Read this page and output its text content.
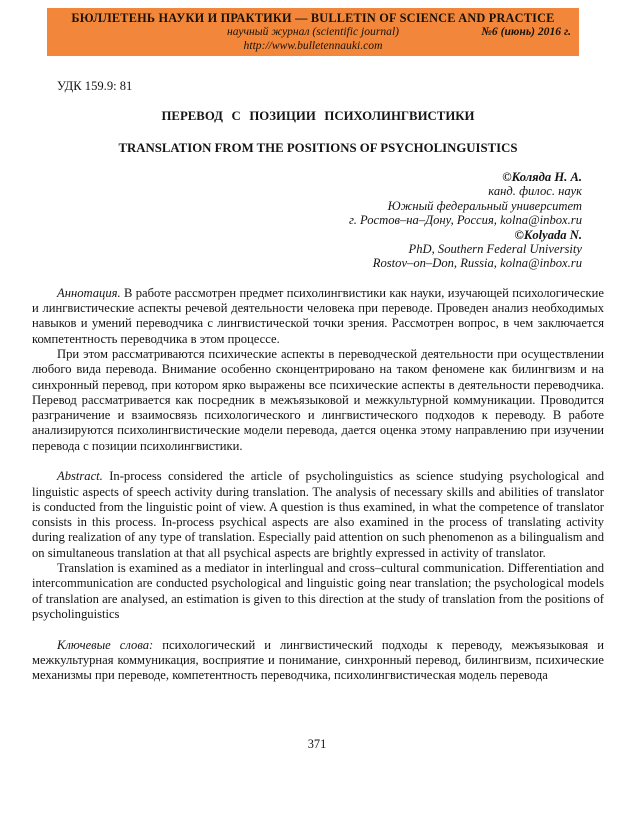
БЮЛЛЕТЕНЬ НАУКИ И ПРАКТИКИ — BULLETIN OF SCIENCE AND PRACTICE
научный журнал (scientific journal)	№6 (июнь) 2016 г.
http://www.bulletennauki.com

УДК 159.9: 81

ПЕРЕВОД С ПОЗИЦИИ ПСИХОЛИНГВИСТИКИ

TRANSLATION FROM THE POSITIONS OF PSYCHOLINGUISTICS

©Коляда Н. А.
канд. филос. наук
Южный федеральный университет
г. Ростов–на–Дону, Россия, kolna@inbox.ru
©Kolyada N.
PhD, Southern Federal University
Rostov–on–Don, Russia, kolna@inbox.ru

Аннотация. В работе рассмотрен предмет психолингвистики как науки, изучающей психологические и лингвистические аспекты речевой деятельности человека при переводе. Проведен анализ необходимых навыков и умений переводчика с лингвистической точки зрения. Рассмотрен вопрос, в чем заключается компетентность переводчика в этом процессе.

При этом рассматриваются психические аспекты в переводческой деятельности при осуществлении любого вида перевода. Внимание особенно сконцентрировано на таком феномене как билингвизм и на синхронный перевод, при котором ярко выражены все психические аспекты в деятельности переводчика. Перевод рассматривается как посредник в межъязыковой и межкультурной коммуникации. Проводится разграничение и взаимосвязь психологического и лингвистического подходов к переводу. В работе анализируются психолингвистические модели перевода, дается оценка этому направлению при изучении перевода с позиции психолингвистики.

Abstract. In-process considered the article of psycholinguistics as science studying psychological and linguistic aspects of speech activity during translation. The analysis of necessary skills and abilities of translator is conducted from the linguistic point of view. A question is thus examined, in what the competence of translator consists in this process. In-process psychical aspects are also examined in the process of translating activity during realization of any type of translation. Especially paid attention on such phenomenon as a bilingualism and on simultaneous translation at that all psychical aspects are brightly expressed in activity of translator.

Translation is examined as a mediator in interlingual and cross–cultural communication. Differentiation and intercommunication are conducted psychological and linguistic going near translation; the psychological models of translation are analysed, an estimation is given to this direction at the study of translation from the positions of psycholinguistics

Ключевые слова: психологический и лингвистический подходы к переводу, межъязыковая и межкультурная коммуникация, восприятие и понимание, синхронный перевод, билингвизм, психические механизмы при переводе, компетентность переводчика, психолингвистическая модель перевода

371
